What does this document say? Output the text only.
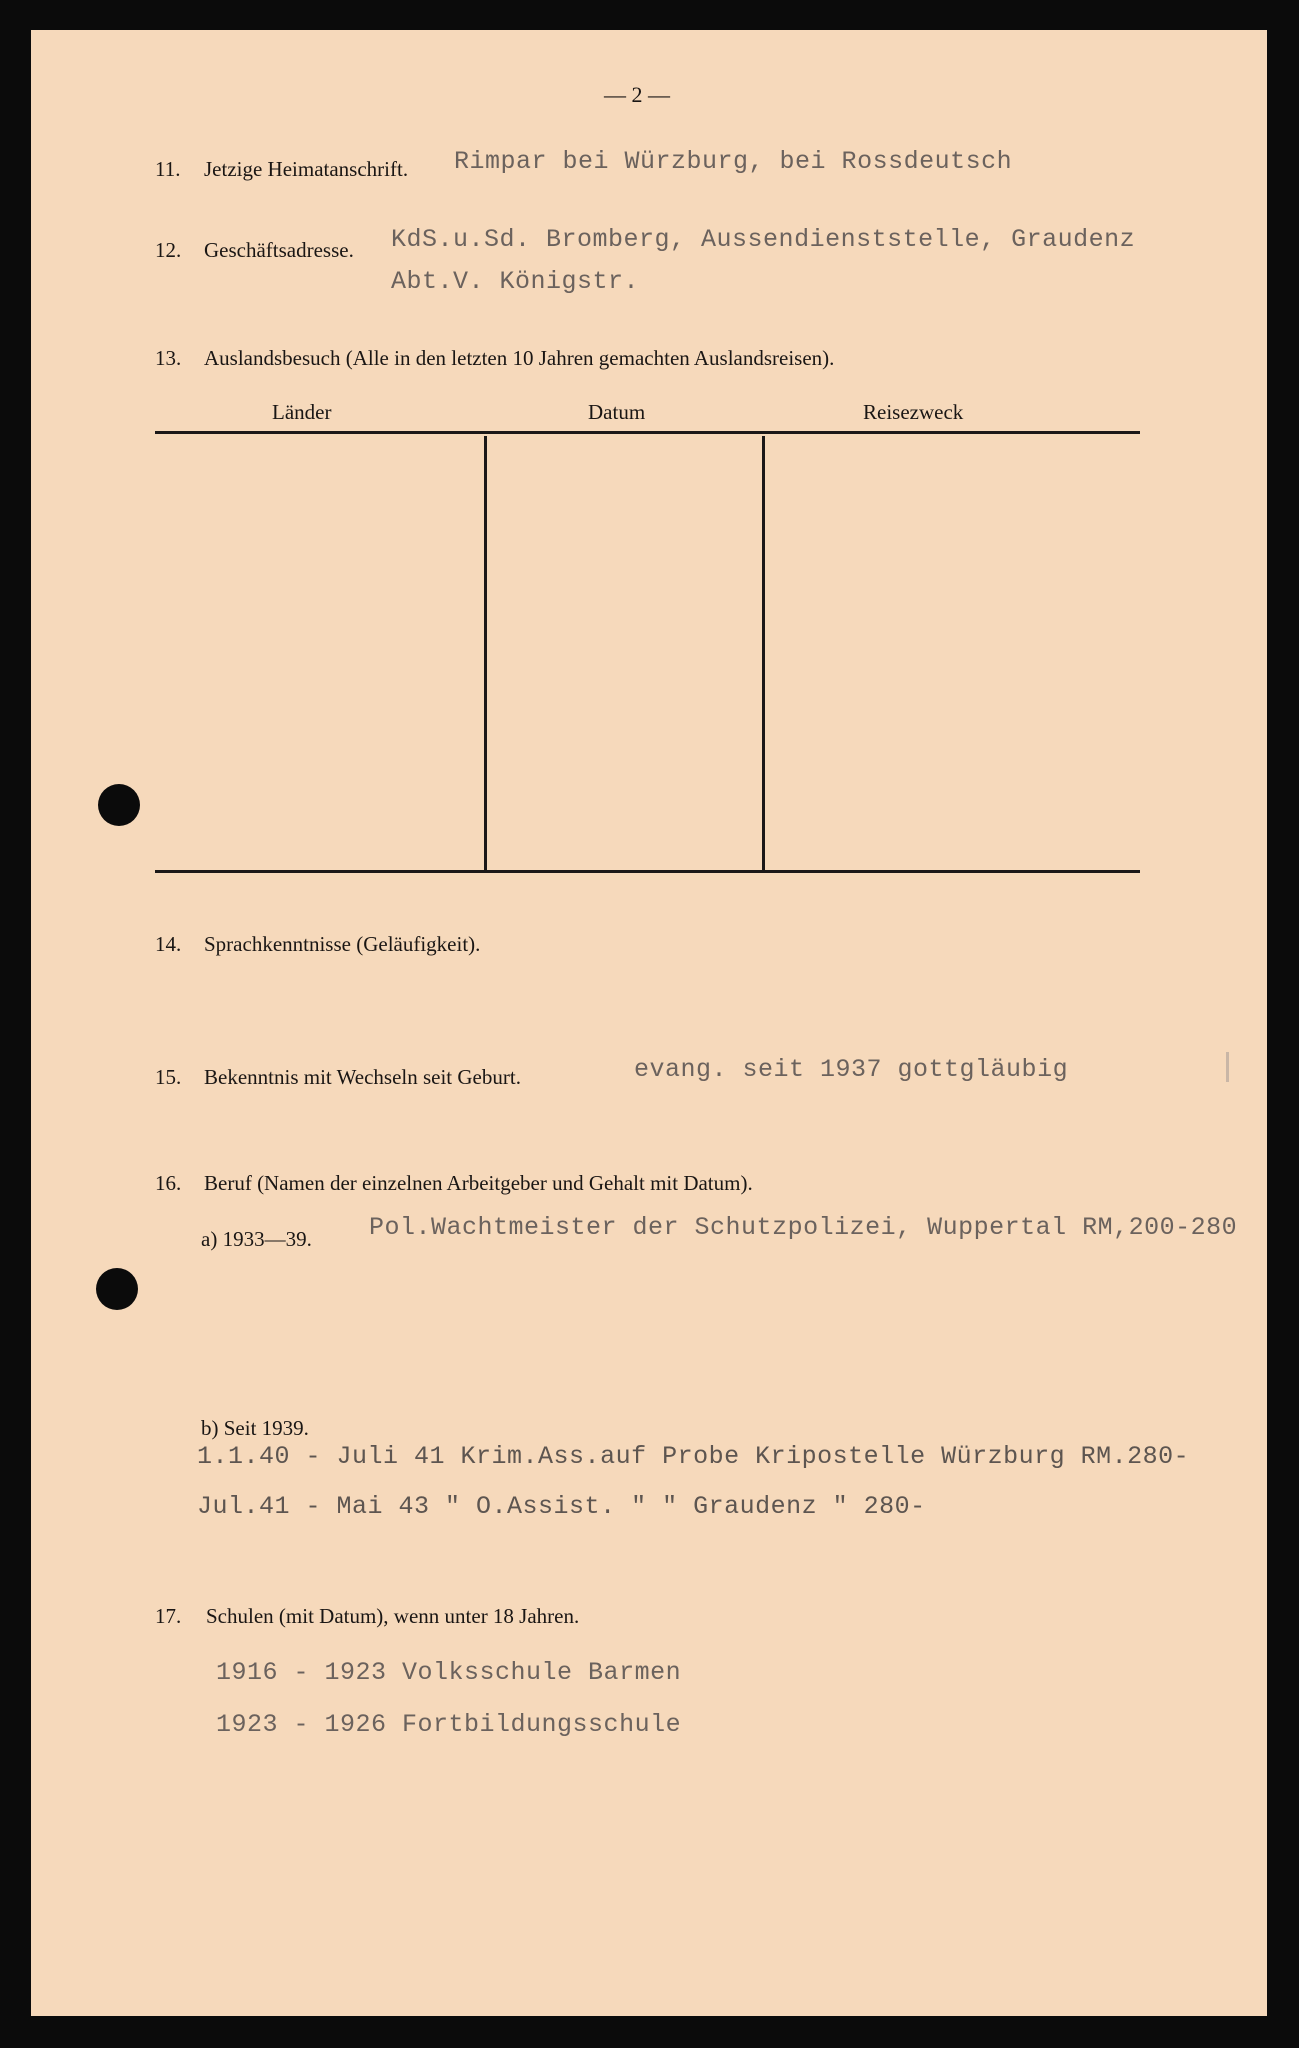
— 2 —
11. Jetzige Heimatanschrift. Rimpar bei Würzburg, bei Rossdeutsch
12. Geschäftsadresse. KdS.u.Sd. Bromberg, Aussendienststelle, Graudenz
Abt.V. Königstr.
13. Auslandsbesuch (Alle in den letzten 10 Jahren gemachten Auslandsreisen).
Länder	Datum	Reisezweck
14. Sprachkenntnisse (Geläufigkeit).
15. Bekenntnis mit Wechseln seit Geburt.	evang. seit 1937 gottgläubig
16. Beruf (Namen der einzelnen Arbeitgeber und Gehalt mit Datum).
a) 1933—39. Pol.Wachtmeister der Schutzpolizei, Wuppertal RM,200-280
b) Seit 1939.
1.1.40 - Juli 41 Krim.Ass.auf Probe Kripostelle Würzburg RM.280-
Jul.41 - Mai 43 " O.Assist. " " Graudenz " 280-
17. Schulen (mit Datum), wenn unter 18 Jahren.
1916 - 1923 Volksschule Barmen
1923 - 1926 Fortbildungsschule
